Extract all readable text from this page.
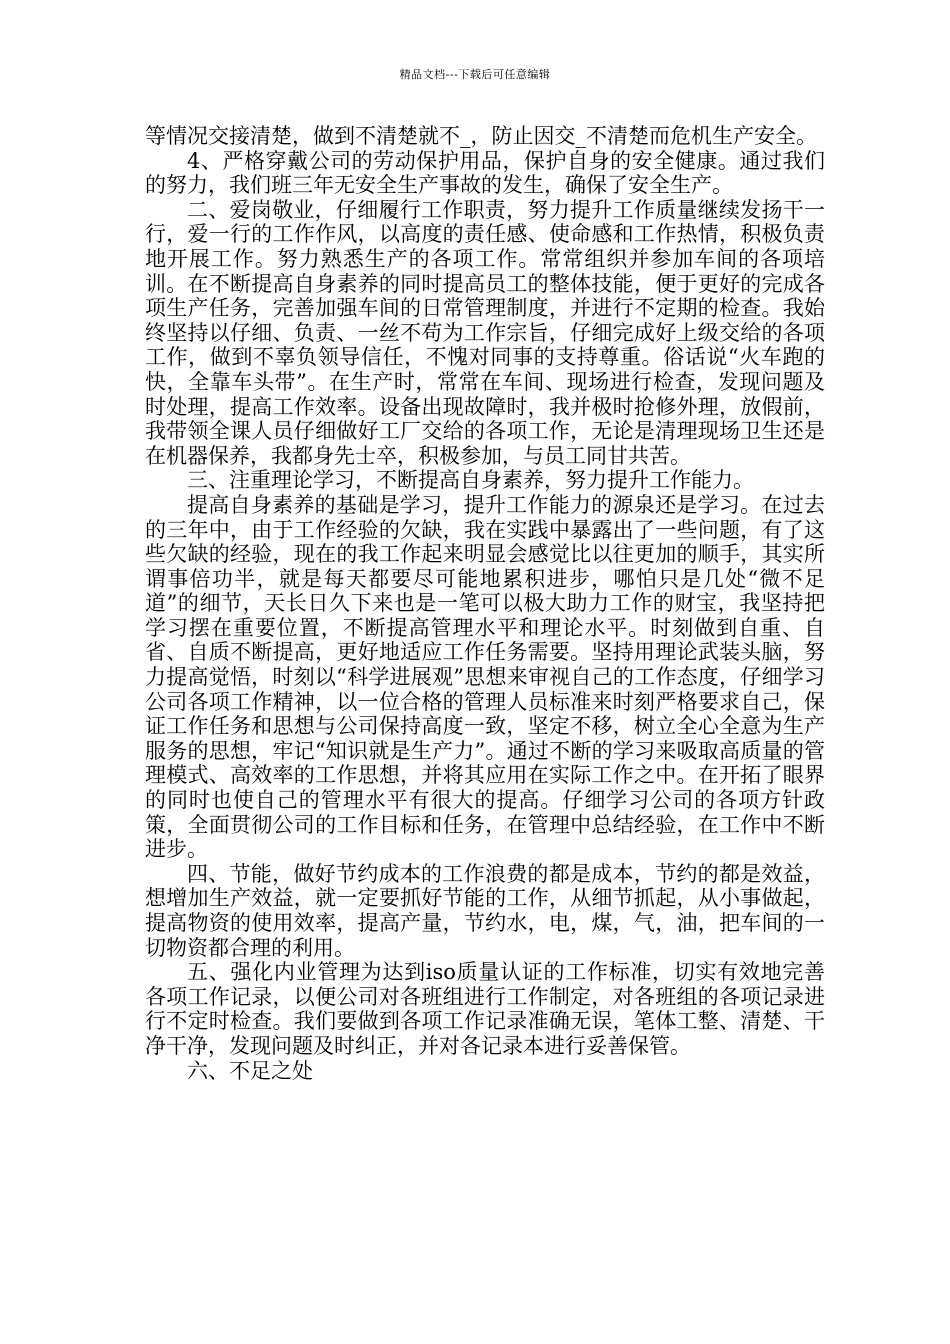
精品文档---下载后可任意编辑

等情况交接清楚，做到不清楚就不_，防止因交_不清楚而危机生产安全。

4、严格穿戴公司的劳动保护用品，保护自身的安全健康。通过我们的努力，我们班三年无安全生产事故的发生，确保了安全生产。

二、爱岗敬业，仔细履行工作职责，努力提升工作质量继续发扬干一行，爱一行的工作作风，以高度的责任感、使命感和工作热情，积极负责地开展工作。努力熟悉生产的各项工作。常常组织并参加车间的各项培训。在不断提高自身素养的同时提高员工的整体技能，便于更好的完成各项生产任务，完善加强车间的日常管理制度，并进行不定期的检查。我始终坚持以仔细、负责、一丝不苟为工作宗旨，仔细完成好上级交给的各项工作，做到不辜负领导信任，不愧对同事的支持尊重。俗话说“火车跑的快，全靠车头带”。在生产时，常常在车间、现场进行检查，发现问题及时处理，提高工作效率。设备出现故障时，我并极时抢修外理，放假前，我带领全课人员仔细做好工厂交给的各项工作，无论是清理现场卫生还是在机器保养，我都身先士卒，积极参加，与员工同甘共苦。

三、注重理论学习，不断提高自身素养，努力提升工作能力。

提高自身素养的基础是学习，提升工作能力的源泉还是学习。在过去的三年中，由于工作经验的欠缺，我在实践中暴露出了一些问题，有了这些欠缺的经验，现在的我工作起来明显会感觉比以往更加的顺手，其实所谓事倍功半，就是每天都要尽可能地累积进步，哪怕只是几处“微不足道”的细节，天长日久下来也是一笔可以极大助力工作的财宝，我坚持把学习摆在重要位置，不断提高管理水平和理论水平。时刻做到自重、自省、自质不断提高，更好地适应工作任务需要。坚持用理论武装头脑，努力提高觉悟，时刻以“科学进展观”思想来审视自己的工作态度，仔细学习公司各项工作精神，以一位合格的管理人员标准来时刻严格要求自己，保证工作任务和思想与公司保持高度一致，坚定不移，树立全心全意为生产服务的思想，牢记“知识就是生产力”。通过不断的学习来吸取高质量的管理模式、高效率的工作思想，并将其应用在实际工作之中。在开拓了眼界的同时也使自己的管理水平有很大的提高。仔细学习公司的各项方针政策，全面贯彻公司的工作目标和任务，在管理中总结经验，在工作中不断进步。

四、节能，做好节约成本的工作浪费的都是成本，节约的都是效益，想增加生产效益，就一定要抓好节能的工作，从细节抓起，从小事做起，提高物资的使用效率，提高产量，节约水，电，煤，气，油，把车间的一切物资都合理的利用。

五、强化内业管理为达到iso质量认证的工作标准，切实有效地完善各项工作记录，以便公司对各班组进行工作制定，对各班组的各项记录进行不定时检查。我们要做到各项工作记录准确无误，笔体工整、清楚、干净干净，发现问题及时纠正，并对各记录本进行妥善保管。

六、不足之处
